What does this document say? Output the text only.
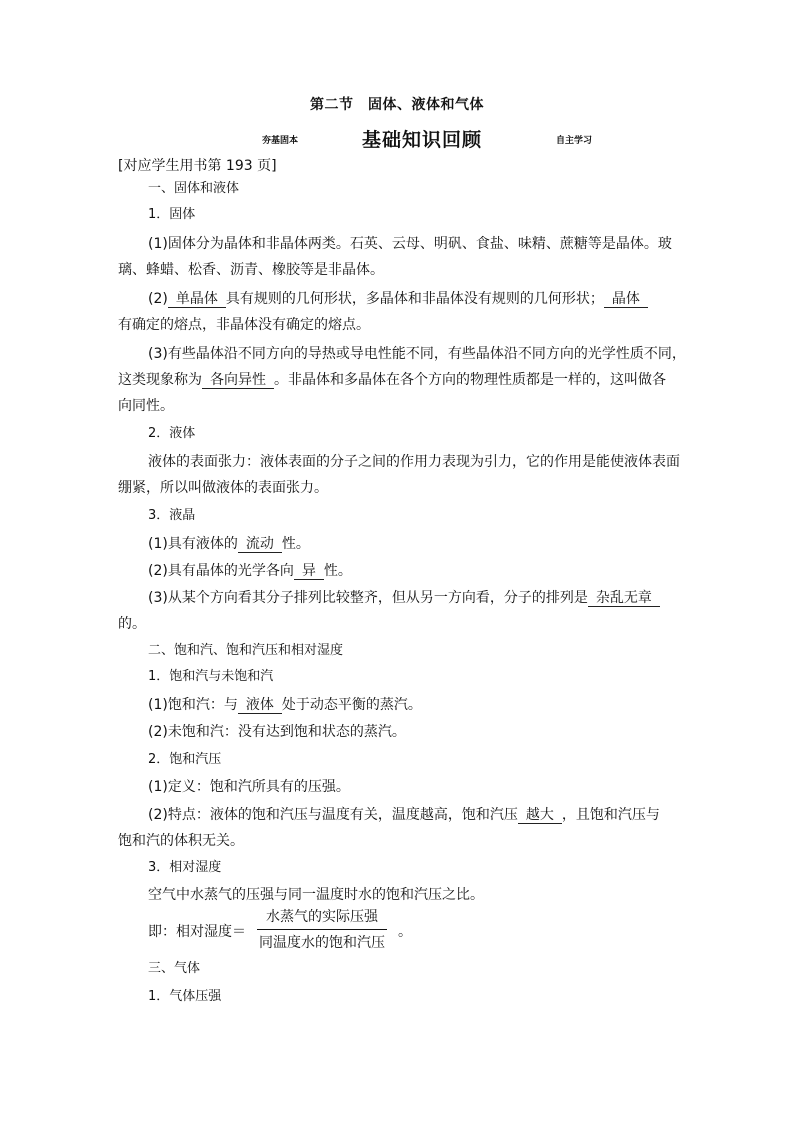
第二节　固体、液体和气体
夯基固本	基础知识回顾	自主学习
[对应学生用书第 193 页]
一、固体和液体
1．固体
(1)固体分为晶体和非晶体两类。石英、云母、明矾、食盐、味精、蔗糖等是晶体。玻
璃、蜂蜡、松香、沥青、橡胶等是非晶体。
(2) 单晶体 具有规则的几何形状，多晶体和非晶体没有规则的几何形状； 晶体
有确定的熔点，非晶体没有确定的熔点。
(3)有些晶体沿不同方向的导热或导电性能不同，有些晶体沿不同方向的光学性质不同，
这类现象称为 各向异性 。非晶体和多晶体在各个方向的物理性质都是一样的，这叫做各
向同性。
2．液体
液体的表面张力：液体表面的分子之间的作用力表现为引力，它的作用是能使液体表面
绷紧，所以叫做液体的表面张力。
3．液晶
(1)具有液体的 流动 性。
(2)具有晶体的光学各向 异 性。
(3)从某个方向看其分子排列比较整齐，但从另一方向看，分子的排列是 杂乱无章
的。
二、饱和汽、饱和汽压和相对湿度
1．饱和汽与未饱和汽
(1)饱和汽：与 液体 处于动态平衡的蒸汽。
(2)未饱和汽：没有达到饱和状态的蒸汽。
2．饱和汽压
(1)定义：饱和汽所具有的压强。
(2)特点：液体的饱和汽压与温度有关，温度越高，饱和汽压 越大 ，且饱和汽压与
饱和汽的体积无关。
3．相对湿度
空气中水蒸气的压强与同一温度时水的饱和汽压之比。
即：相对湿度＝
水蒸气的实际压强
同温度水的饱和汽压
。
三、气体
1．气体压强
